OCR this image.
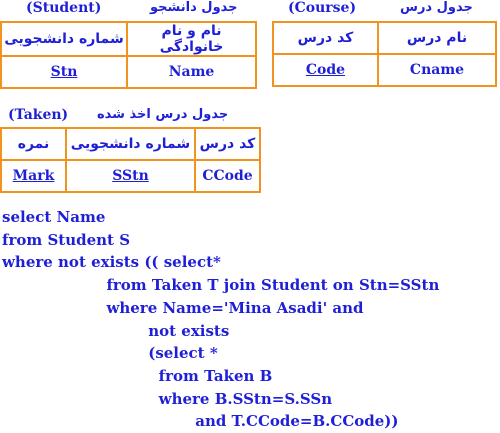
(Student)	جدول دانشجو
شماره دانشجویی	نام و نام خانوادگی
Stn	Name
(Course)	جدول درس
کد درس	نام درس
Code	Cname
(Taken) جدول درس اخذ شده
نمره	شماره دانشجویی	کد درس
Mark	SStn	CCode
select Name
from Student S
where not exists (( select*
from Taken T join Student on Stn=SStn
where Name='Mina Asadi' and
not exists
(select *
from Taken B
where B.SStn=S.SSn
and T.CCode=B.CCode))
